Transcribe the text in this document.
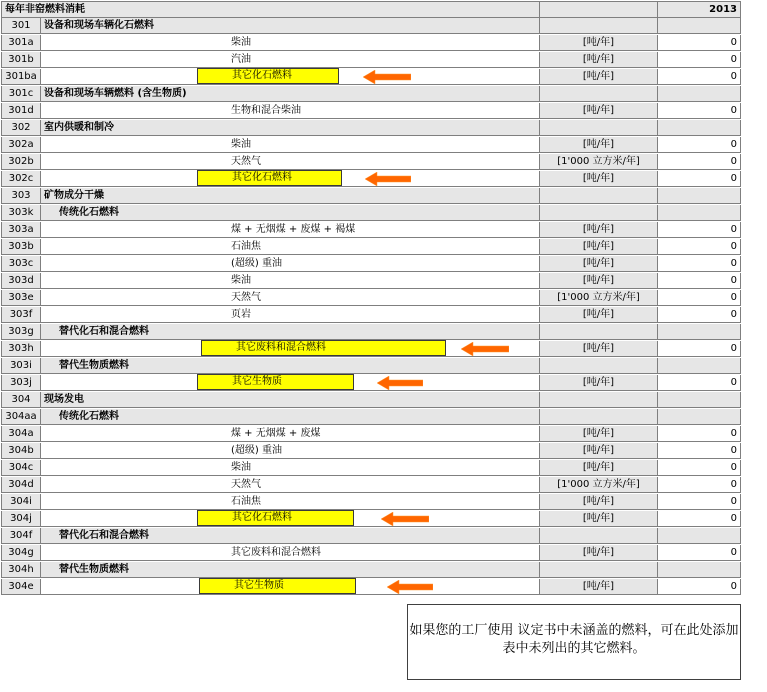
每年非窑燃料消耗	2013
301	设备和现场车辆化石燃料
301a	柴油	[吨/年]	0
301b	汽油	[吨/年]	0
301ba	其它化石燃料	[吨/年]	0
301c	设备和现场车辆燃料 (含生物质)
301d	生物和混合柴油	[吨/年]	0
302	室内供暖和制冷
302a	柴油	[吨/年]	0
302b	天然气	[1'000 立方米/年]	0
302c	其它化石燃料	[吨/年]	0
303	矿物成分干燥
303k	传统化石燃料
303a	煤 + 无烟煤 + 废煤 + 褐煤	[吨/年]	0
303b	石油焦	[吨/年]	0
303c	(超级) 重油	[吨/年]	0
303d	柴油	[吨/年]	0
303e	天然气	[1'000 立方米/年]	0
303f	页岩	[吨/年]	0
303g	替代化石和混合燃料
303h	其它废料和混合燃料	[吨/年]	0
303i	替代生物质燃料
303j	其它生物质	[吨/年]	0
304	现场发电
304aa	传统化石燃料
304a	煤 + 无烟煤 + 废煤	[吨/年]	0
304b	(超级) 重油	[吨/年]	0
304c	柴油	[吨/年]	0
304d	天然气	[1'000 立方米/年]	0
304i	石油焦	[吨/年]	0
304j	其它化石燃料	[吨/年]	0
304f	替代化石和混合燃料
304g	其它废料和混合燃料	[吨/年]	0
304h	替代生物质燃料
304e	其它生物质	[吨/年]	0
如果您的工厂使用 议定书中未涵盖的燃料，可在此处添加表中未列出的其它燃料。
